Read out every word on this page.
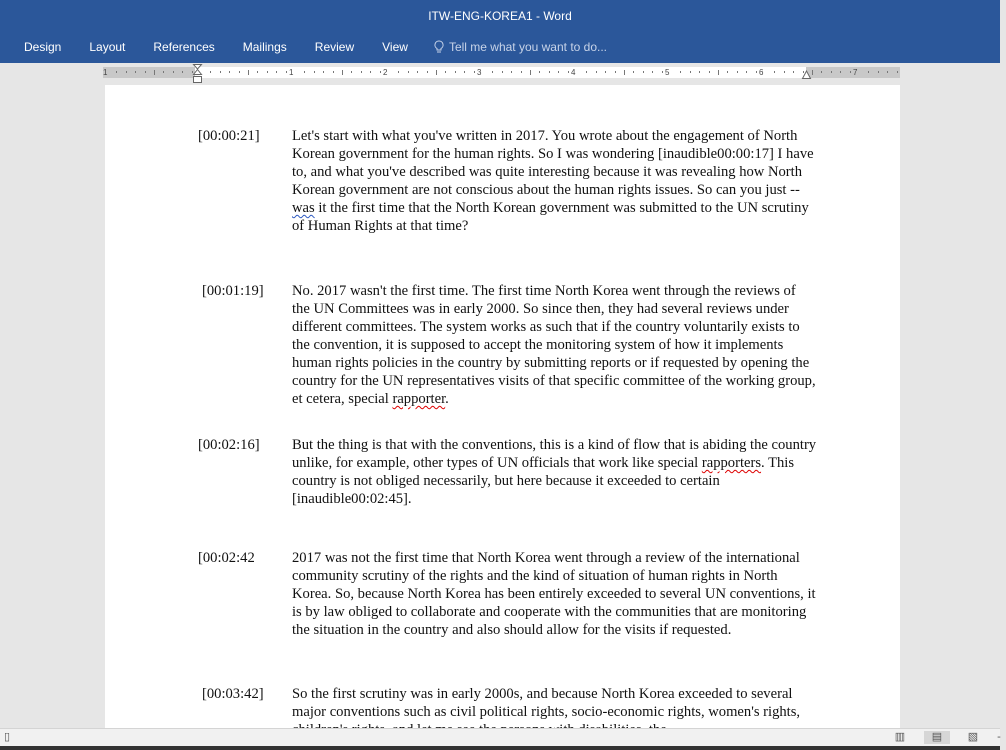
ITW-ENG-KOREA1 - Word
Design	Layout	References	Mailings	Review	View	Tell me what you want to do...
1	1	2	3	4	5	6	7
[00:00:21] Let's start with what you've written in 2017. You wrote about the engagement of North Korean government for the human rights. So I was wondering [inaudible00:00:17] I have to, and what you've described was quite interesting because it was revealing how North Korean government are not conscious about the human rights issues. So can you just -- was it the first time that the North Korean government was submitted to the UN scrutiny of Human Rights at that time?
[00:01:19] No. 2017 wasn't the first time. The first time North Korea went through the reviews of the UN Committees was in early 2000. So since then, they had several reviews under different committees. The system works as such that if the country voluntarily exists to the convention, it is supposed to accept the monitoring system of how it implements human rights policies in the country by submitting reports or if requested by opening the country for the UN representatives visits of that specific committee of the working group, et cetera, special rapporter.
[00:02:16] But the thing is that with the conventions, this is a kind of flow that is abiding the country unlike, for example, other types of UN officials that work like special rapporters. This country is not obliged necessarily, but here because it exceeded to certain [inaudible00:02:45].
[00:02:42	2017 was not the first time that North Korea went through a review of the international community scrutiny of the rights and the kind of situation of human rights in North Korea. So, because North Korea has been entirely exceeded to several UN conventions, it is by law obliged to collaborate and cooperate with the communities that are monitoring the situation in the country and also should allow for the visits if requested.
[00:03:42] So the first scrutiny was in early 2000s, and because North Korea exceeded to several major conventions such as civil political rights, socio-economic rights, women's rights,
▯	▥	▤	▧	-
